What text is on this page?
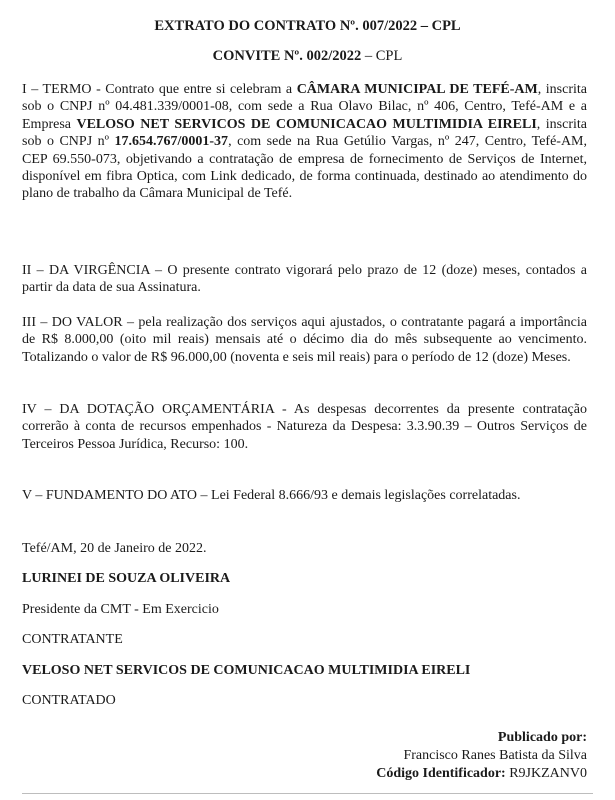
EXTRATO DO CONTRATO Nº. 007/2022 – CPL
CONVITE Nº. 002/2022 – CPL

I – TERMO - Contrato que entre si celebram a CÂMARA MUNICIPAL DE TEFÉ-AM, inscrita sob o CNPJ nº 04.481.339/0001-08, com sede a Rua Olavo Bilac, nº 406, Centro, Tefé-AM e a Empresa VELOSO NET SERVICOS DE COMUNICACAO MULTIMIDIA EIRELI, inscrita sob o CNPJ nº 17.654.767/0001-37, com sede na Rua Getúlio Vargas, nº 247, Centro, Tefé-AM, CEP 69.550-073, objetivando a contratação de empresa de fornecimento de Serviços de Internet, disponível em fibra Optica, com Link dedicado, de forma continuada, destinado ao atendimento do plano de trabalho da Câmara Municipal de Tefé.

II – DA VIRGÊNCIA – O presente contrato vigorará pelo prazo de 12 (doze) meses, contados a partir da data de sua Assinatura.

III – DO VALOR – pela realização dos serviços aqui ajustados, o contratante pagará a importância de R$ 8.000,00 (oito mil reais) mensais até o décimo dia do mês subsequente ao vencimento. Totalizando o valor de R$ 96.000,00 (noventa e seis mil reais) para o período de 12 (doze) Meses.

IV – DA DOTAÇÃO ORÇAMENTÁRIA - As despesas decorrentes da presente contratação correrão à conta de recursos empenhados - Natureza da Despesa: 3.3.90.39 – Outros Serviços de Terceiros Pessoa Jurídica, Recurso: 100.

V – FUNDAMENTO DO ATO – Lei Federal 8.666/93 e demais legislações correlatadas.

Tefé/AM, 20 de Janeiro de 2022.
LURINEI DE SOUZA OLIVEIRA
Presidente da CMT - Em Exercicio
CONTRATANTE
VELOSO NET SERVICOS DE COMUNICACAO MULTIMIDIA EIRELI
CONTRATADO
Publicado por:
Francisco Ranes Batista da Silva
Código Identificador: R9JKZANV0
